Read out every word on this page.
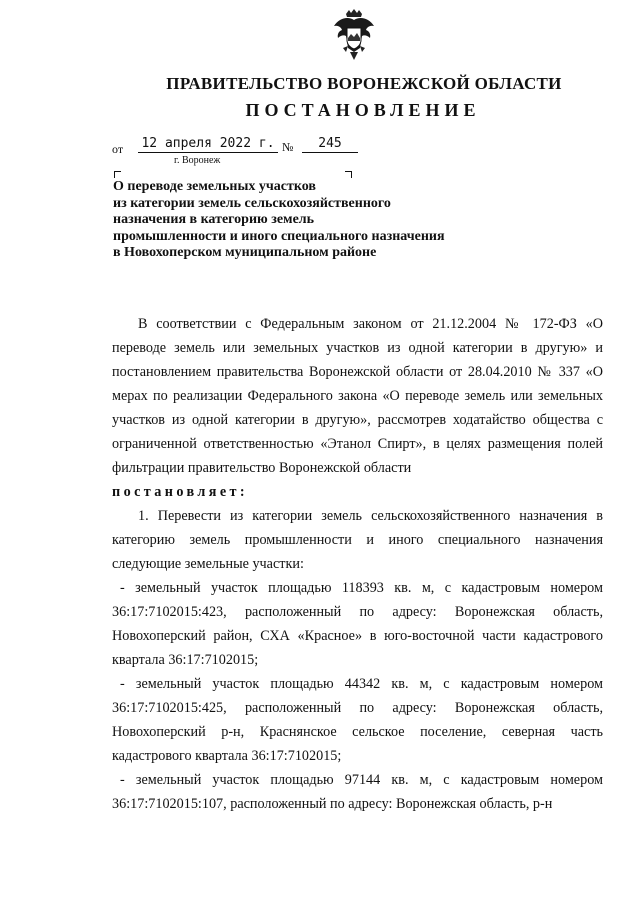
ПРАВИТЕЛЬСТВО ВОРОНЕЖСКОЙ ОБЛАСТИ
ПОСТАНОВЛЕНИЕ
от 12 апреля 2022 г. №	245
г. Воронеж
О переводе земельных участков
из категории земель сельскохозяйственного
назначения в категорию земель
промышленности и иного специального назначения
в Новохоперском муниципальном районе

В соответствии с Федеральным законом от 21.12.2004 № 172-ФЗ «О переводе земель или земельных участков из одной категории в другую» и постановлением правительства Воронежской области от 28.04.2010 № 337 «О мерах по реализации Федерального закона «О переводе земель или земельных участков из одной категории в другую», рассмотрев ходатайство общества с ограниченной ответственностью «Этанол Спирт», в целях размещения полей фильтрации правительство Воронежской области

постановляет:

1. Перевести из категории земель сельскохозяйственного назначения в категорию земель промышленности и иного специального назначения следующие земельные участки:

- земельный участок площадью 118393 кв. м, с кадастровым номером 36:17:7102015:423, расположенный по адресу: Воронежская область, Новохоперский район, СХА «Красное» в юго-восточной части кадастрового квартала 36:17:7102015;

- земельный участок площадью 44342 кв. м, с кадастровым номером 36:17:7102015:425, расположенный по адресу: Воронежская область, Новохоперский р-н, Краснянское сельское поселение, северная часть кадастрового квартала 36:17:7102015;

- земельный участок площадью 97144 кв. м, с кадастровым номером 36:17:7102015:107, расположенный по адресу: Воронежская область, р-н
